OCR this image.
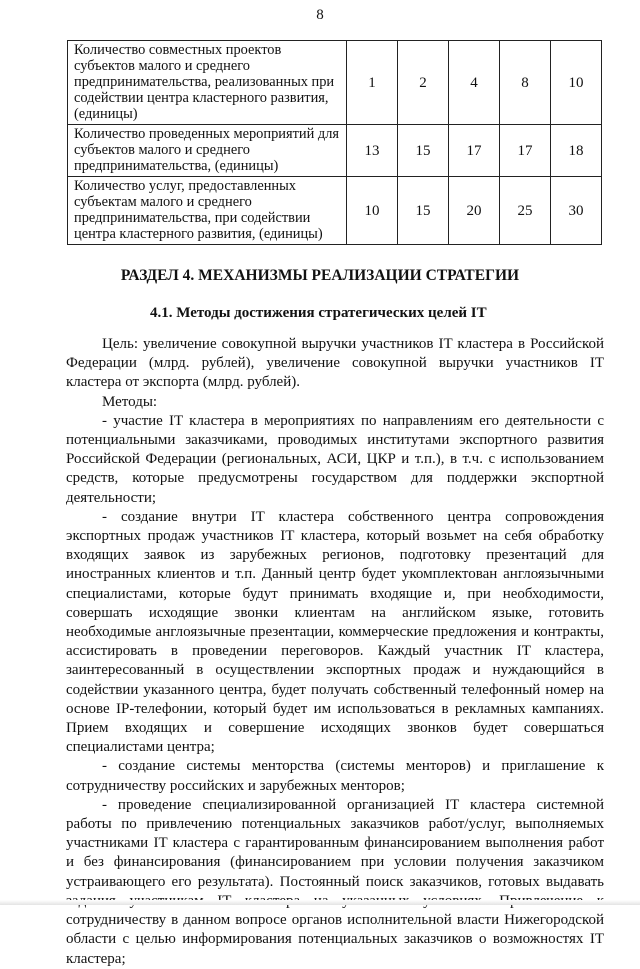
8
Количество совместных проектов субъектов малого и среднего предпринимательства, реализованных при содействии центра кластерного развития, (единицы)	1	2	4	8	10
Количество проведенных мероприятий для субъектов малого и среднего предпринимательства, (единицы)	13	15	17	17	18
Количество услуг, предоставленных субъектам малого и среднего предпринимательства, при содействии центра кластерного развития, (единицы)	10	15	20	25	30
РАЗДЕЛ 4. МЕХАНИЗМЫ РЕАЛИЗАЦИИ СТРАТЕГИИ
4.1. Методы достижения стратегических целей IT

Цель: увеличение совокупной выручки участников IT кластера в Российской Федерации (млрд. рублей), увеличение совокупной выручки участников IT кластера от экспорта (млрд. рублей).

Методы:

- участие IT кластера в мероприятиях по направлениям его деятельности с потенциальными заказчиками, проводимых институтами экспортного развития Российской Федерации (региональных, АСИ, ЦКР и т.п.), в т.ч. с использованием средств, которые предусмотрены государством для поддержки экспортной деятельности;

- создание внутри IT кластера собственного центра сопровождения экспортных продаж участников IT кластера, который возьмет на себя обработку входящих заявок из зарубежных регионов, подготовку презентаций для иностранных клиентов и т.п. Данный центр будет укомплектован англоязычными специалистами, которые будут принимать входящие и, при необходимости, совершать исходящие звонки клиентам на английском языке, готовить необходимые англоязычные презентации, коммерческие предложения и контракты, ассистировать в проведении переговоров. Каждый участник IT кластера, заинтересованный в осуществлении экспортных продаж и нуждающийся в содействии указанного центра, будет получать собственный телефонный номер на основе IP-телефонии, который будет им использоваться в рекламных кампаниях. Прием входящих и совершение исходящих звонков будет совершаться специалистами центра;

- создание системы менторства (системы менторов) и приглашение к сотрудничеству российских и зарубежных менторов;

- проведение специализированной организацией IT кластера системной работы по привлечению потенциальных заказчиков работ/услуг, выполняемых участниками IT кластера с гарантированным финансированием выполнения работ и без финансирования (финансированием при условии получения заказчиком устраивающего его результата). Постоянный поиск заказчиков, готовых выдавать сотрудничеству в данном вопросе органов исполнительной власти Нижегородской области с целью информирования потенциальных заказчиков о возможностях IT кластера;
